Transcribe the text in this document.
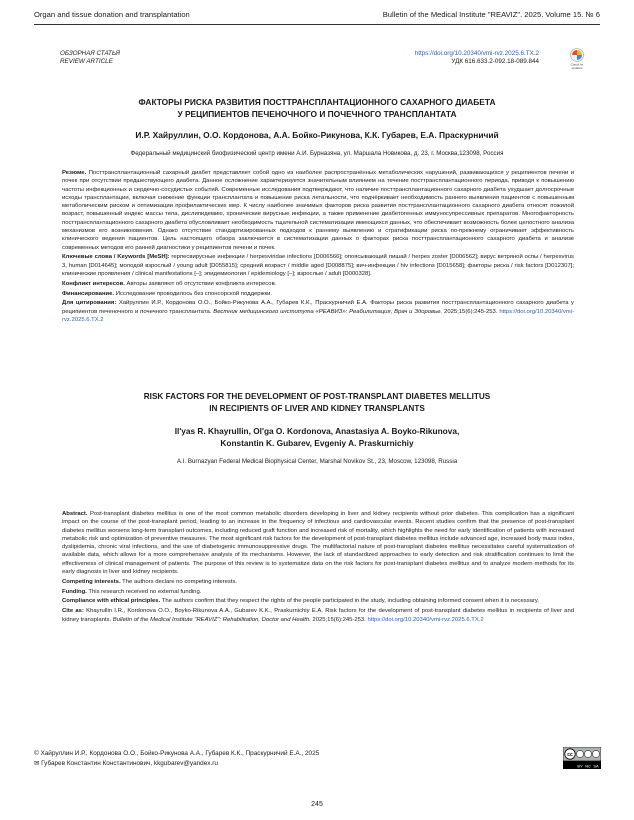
Organ and tissue donation and transplantation	Bulletin of the Medical Institute "REAVIZ". 2025. Volume 15. № 6
ОБЗОРНАЯ СТАТЬЯ
REVIEW ARTICLE
https://doi.org/10.20340/vmi-rvz.2025.6.TX.2
УДК 616.633.2-092.18-089.844	Check for
updates
ФАКТОРЫ РИСКА РАЗВИТИЯ ПОСТТРАНСПЛАНТАЦИОННОГО САХАРНОГО ДИАБЕТА
У РЕЦИПИЕНТОВ ПЕЧЕНОЧНОГО И ПОЧЕЧНОГО ТРАНСПЛАНТАТА
И.Р. Хайруллин, О.О. Кордонова, А.А. Бойко-Рикунова, К.К. Губарев, Е.А. Праскурничий
Федеральный медицинский биофизический центр имени А.И. Бурназяна, ул. Маршала Новикова, д. 23, г. Москва,123098, Россия

Резюме. Посттрансплантационный сахарный диабет представляет собой одно из наиболее распространённых метаболических нарушений, развивающихся у реципиентов печени и почек при отсутствии предшествующего диабета. Данное осложнение характеризуется значительным влиянием на течение посттрансплантационного периода, приводя к повышению частоты инфекционных и сердечно-сосудистых событий. Современные исследования подтверждают, что наличие посттрансплантационного сахарного диабета ухудшает долгосрочные исходы трансплантации, включая снижение функции трансплантата и повышение риска летальности, что подчёркивает необходимость раннего выявления пациентов с повышенным метаболическим риском и оптимизации профилактических мер. К числу наиболее значимых факторов риска развития посттрансплантационного сахарного диабета относят пожилой возраст, повышенный индекс массы тела, дислипидемию, хронические вирусные инфекции, а также применение диабетогенных иммуносупрессивных препаратов. Многофакторность посттрансплантационного сахарного диабета обусловливает необходимость тщательной систематизации имеющихся данных, что обеспечивает возможность более целостного анализа механизмов его возникновения. Однако отсутствие стандартизированных подходов к раннему выявлению и стратификации риска по-прежнему ограничивает эффективность клинического ведения пациентов. Цель настоящего обзора заключается в систематизации данных о факторах риска посттрансплантационного сахарного диабета и анализе современных методов его ранней диагностики у реципиентов печени и почек.

Ключевые слова / Keywords [MeSH]: герпесвирусные инфекции / herpesviridae infections [D006566]; опоясывающий лишай / herpes zoster [D006562]; вирус ветряной оспы / herpesvirus 3, human [D014645]; молодой взрослый / young adult [D055815]; средний возраст / middle aged [D008875]; вич-инфекции / hiv infections [D015658]; факторы риска / risk factors [D012307]; клинические проявления / clinical manifestations [–]; эпидемиология / epidemiology [–]; взрослые / adult [D000328].

Конфликт интересов. Авторы заявляют об отсутствии конфликта интересов.

Финансирование. Исследование проводилось без спонсорской поддержки.

Для цитирования: Хайруллин И.Р., Кордонова О.О., Бойко-Рикунова А.А., Губарев К.К., Праскурничий Е.А. Факторы риска развития посттрансплантационного сахарного диабета у реципиентов печеночного и почечного трансплантата. Вестник медицинского института «РЕАВИЗ»: Реабилитация, Врач и Здоровье. 2025;15(6):245-253. https://doi.org/10.20340/vmi-rvz.2025.6.TX.2

RISK FACTORS FOR THE DEVELOPMENT OF POST-TRANSPLANT DIABETES MELLITUS
IN RECIPIENTS OF LIVER AND KIDNEY TRANSPLANTS
Il'yas R. Khayrullin, Ol'ga O. Kordonova, Anastasiya A. Boyko-Rikunova,
Konstantin K. Gubarev, Evgeniy A. Praskurnichiy
A.I. Burnazyan Federal Medical Biophysical Center, Marshal Novikov St., 23, Moscow, 123098, Russia

Abstract. Post-transplant diabetes mellitus is one of the most common metabolic disorders developing in liver and kidney recipients without prior diabetes. This complication has a significant impact on the course of the post-transplant period, leading to an increase in the frequency of infectious and cardiovascular events. Recent studies confirm that the presence of post-transplant diabetes mellitus worsens long-term transplant outcomes, including reduced graft function and increased risk of mortality, which highlights the need for early identification of patients with increased metabolic risk and optimization of preventive measures. The most significant risk factors for the development of post-transplant diabetes mellitus include advanced age, increased body mass index, dyslipidemia, chronic viral infections, and the use of diabetogenic immunosuppressive drugs. The multifactorial nature of post-transplant diabetes mellitus necessitates careful systematization of available data, which allows for a more comprehensive analysis of its mechanisms. However, the lack of standardized approaches to early detection and risk stratification continues to limit the effectiveness of clinical management of patients. The purpose of this review is to systematize data on the risk factors for post-transplant diabetes mellitus and to analyze modern methods for its early diagnosis in liver and kidney recipients.

Competing interests. The authors declare no competing interests.

Funding. This research received no external funding.

Compliance with ethical principles. The authors confirm that they respect the rights of the people participated in the study, including obtaining informed consent when it is necessary.

Cite as: Khayrullin I.R., Kordonova O.O., Boyko-Rikunova A.A., Gubarev K.K., Praskurnichiy E.A. Risk factors for the development of post-transplant diabetes mellitus in recipients of liver and kidney transplants. Bulletin of the Medical Institute "REAVIZ": Rehabilitation, Doctor and Health. 2025;15(6):245-253. https://doi.org/10.20340/vmi-rvz.2025.6.TX.2

© Хайруллин И.Р., Кордонова О.О., Бойко-Рикунова А.А., Губарев К.К., Праскурничий Е.А., 2025
✉ Губарев Константин Константинович, kkgubarev@yandex.ru
cc
BY NC SA
245
